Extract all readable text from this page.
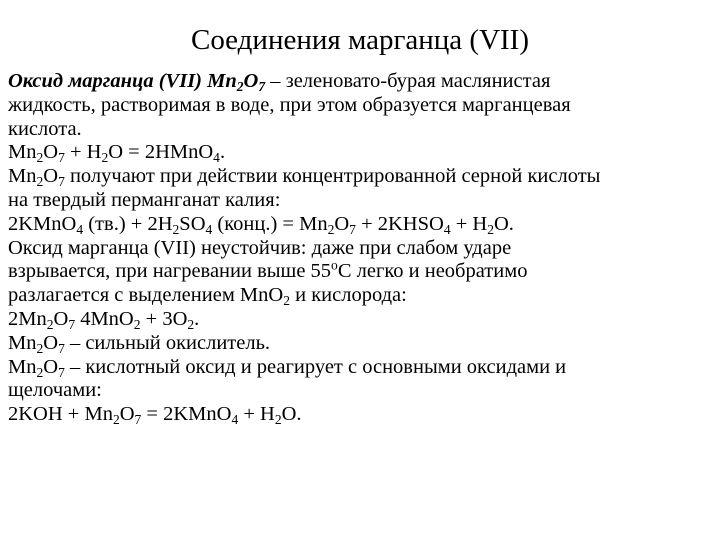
Соединения марганца (VII)
Оксид марганца (VII) $Mn_2O_7$ – зеленовато-бурая маслянистая
жидкость, растворимая в воде, при этом образуется марганцевая
кислота.
$Mn_2O_7 + H_2O$ = 2HMnO$_4$.
$Mn_2O_7$ получают при действии концентрированной серной кислоты
на твердый перманганат калия:
2KMnO$_4$ $(тв.) + 2H_2SO_4$ (конц.) = $Mn_2O_7$ + $2KHSO_4 + H_2O$.
Оксид марганца (VII) неустойчив: даже при слабом ударе
взрывается, при нагревании выше 55$^o$C легко и необратимо
разлагается с выделением MnO$_2$ и кислорода:
$2Mn_2O_7$ $4MnO_2 + 3O_2$.
$Mn_2O_7$ – сильный окислитель.
$Mn_2O_7$ – кислотный оксид и реагирует с основными оксидами и
щелочами:
$2KOH + Mn_2O_7$ = 2KMnO$_4$ + $H_2O$.
